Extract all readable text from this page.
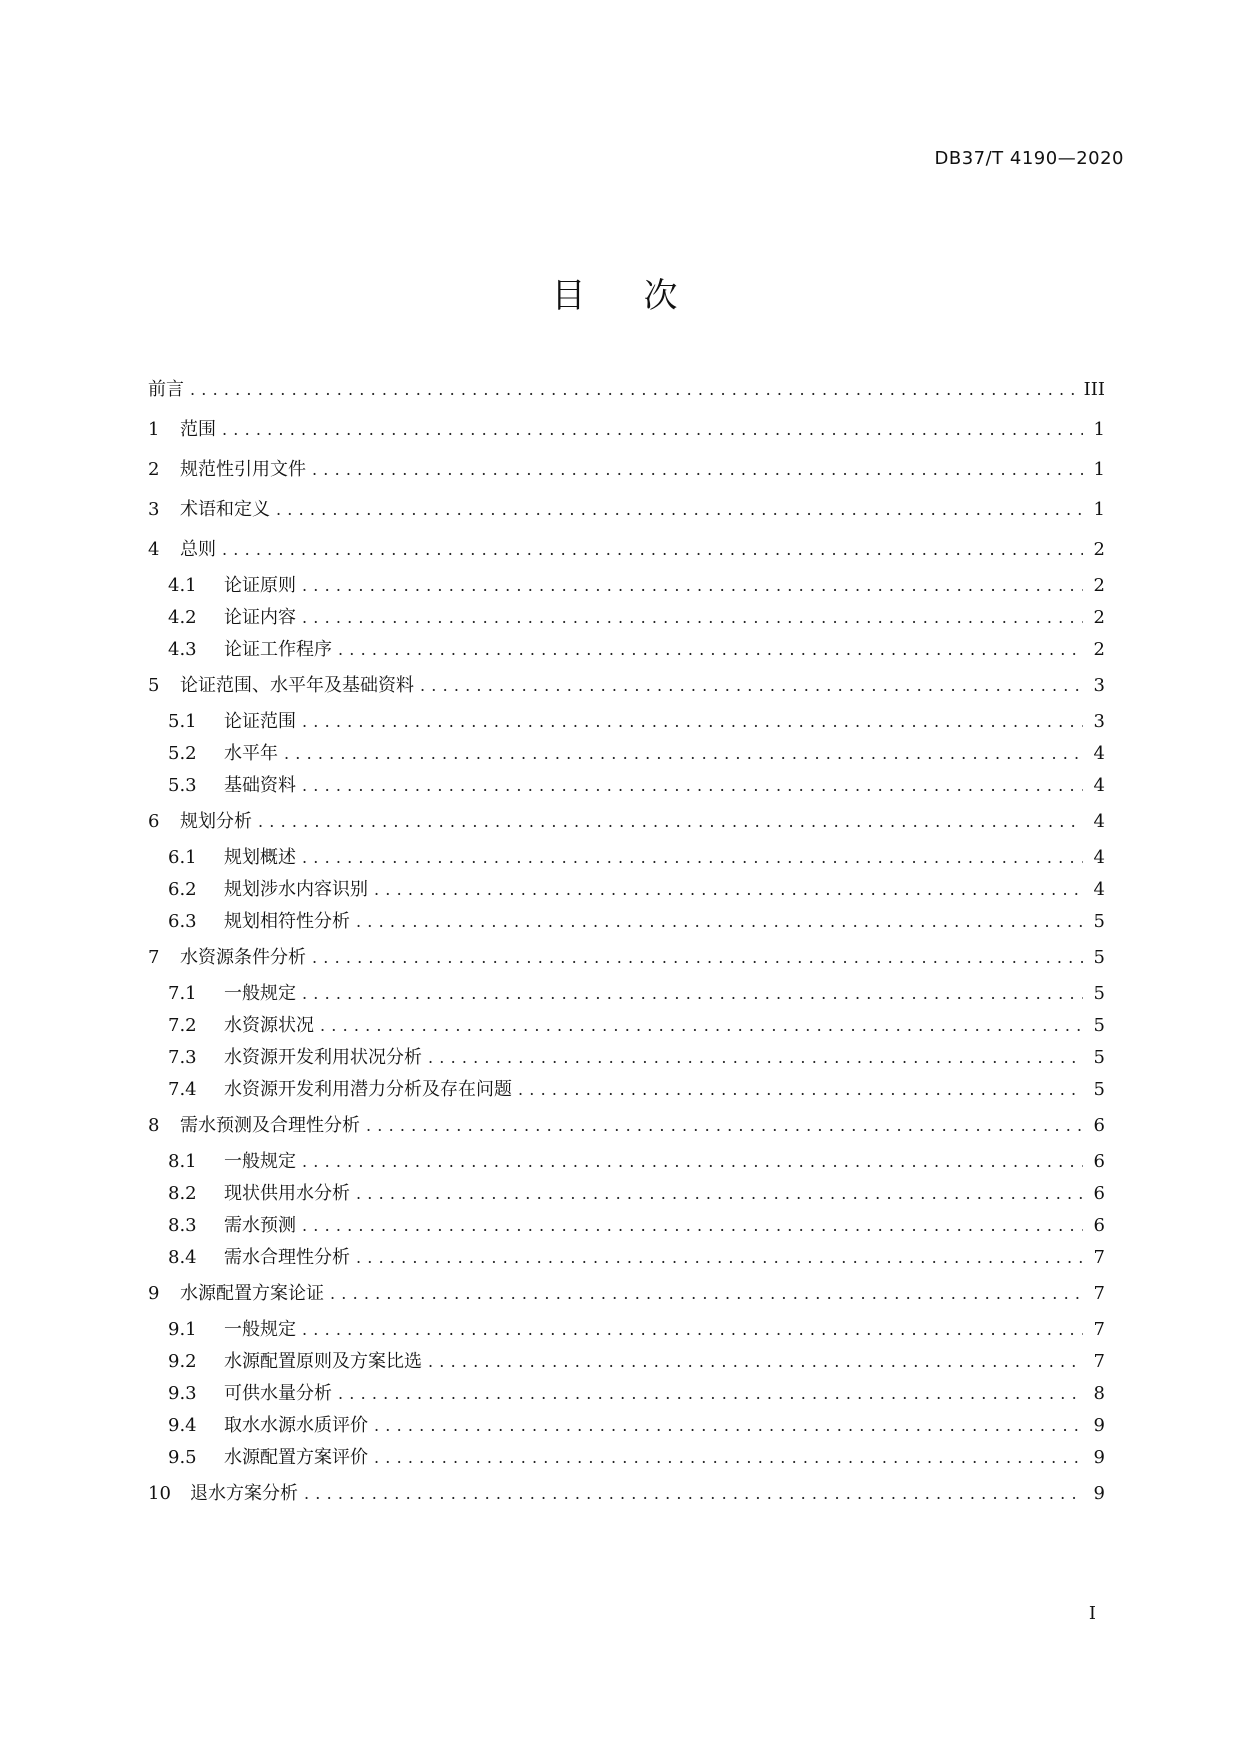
DB37/T 4190—2020
目　次
前言 .....	III
1	范围 .....	1
2	规范性引用文件 .....	1
3	术语和定义 .....	1
4	总则 .....	2
4.1	论证原则 .....	2
4.2	论证内容 .....	2
4.3	论证工作程序 .....	2
5	论证范围、水平年及基础资料 .....	3
5.1	论证范围 .....	3
5.2	水平年 .....	4
5.3	基础资料 .....	4
6	规划分析 .....	4
6.1	规划概述 .....	4
6.2	规划涉水内容识别 .....	4
6.3	规划相符性分析 .....	5
7	水资源条件分析 .....	5
7.1	一般规定 .....	5
7.2	水资源状况 .....	5
7.3	水资源开发利用状况分析 .....	5
7.4	水资源开发利用潜力分析及存在问题 .....	5
8	需水预测及合理性分析 .....	6
8.1	一般规定 .....	6
8.2	现状供用水分析 .....	6
8.3	需水预测 .....	6
8.4	需水合理性分析 .....	7
9	水源配置方案论证 .....	7
9.1	一般规定 .....	7
9.2	水源配置原则及方案比选 .....	7
9.3	可供水量分析 .....	8
9.4	取水水源水质评价 .....	9
9.5	水源配置方案评价 .....	9
10	退水方案分析 .....	9
I
